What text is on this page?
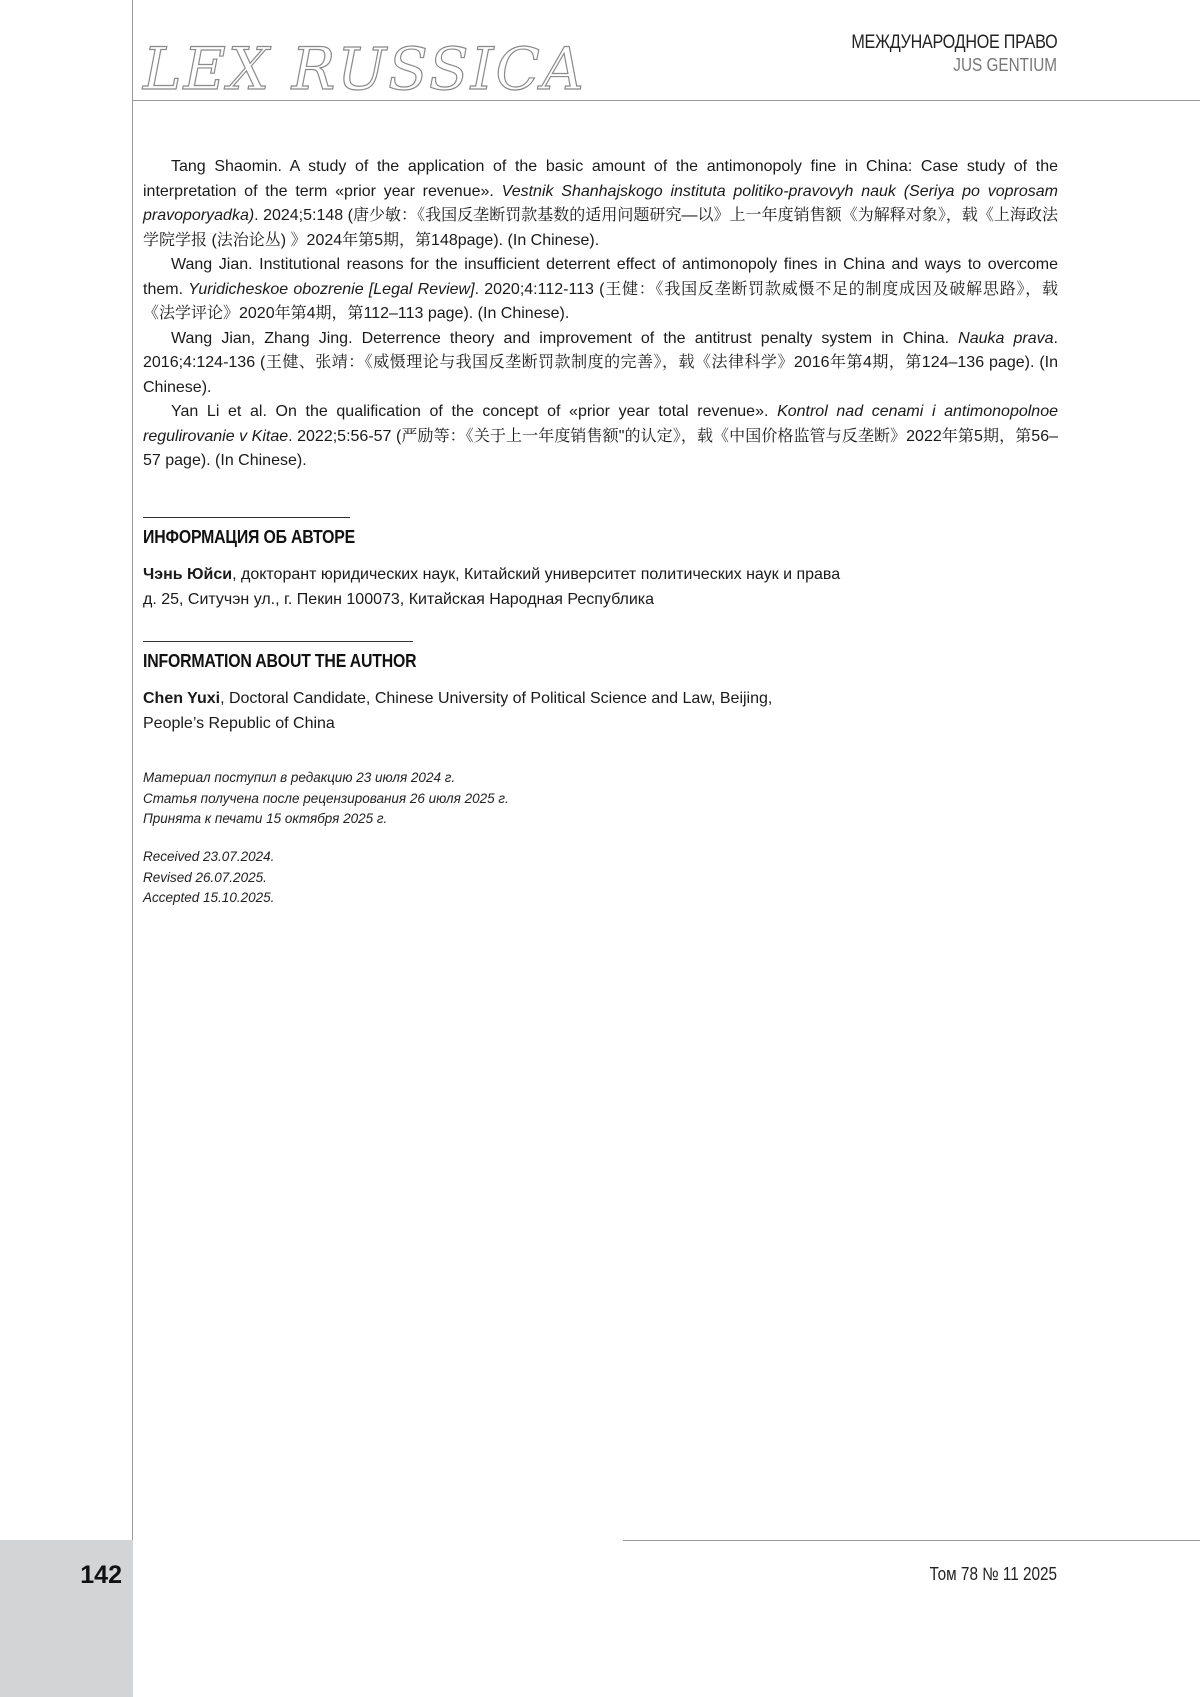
LEX RUSSICA	МЕЖДУНАРОДНОЕ ПРАВО
JUS GENTIUM

Tang Shaomin. A study of the application of the basic amount of the antimonopoly fine in China: Case study of the interpretation of the term «prior year revenue». Vestnik Shanhajskogo instituta politiko-pravovyh nauk (Seriya po voprosam pravoporyadka). 2024;5:148 (唐少敏：《我国反垄断罚款基数的适用问题研究—以》上一年度销售额《为解释对象》，载《上海政法学院学报 (法治论丛) 》2024年第5期，第148page). (In Chinese).

Wang Jian. Institutional reasons for the insufficient deterrent effect of antimonopoly fines in China and ways to overcome them. Yuridicheskoe obozrenie [Legal Review]. 2020;4:112-113 (王健：《我国反垄断罚款威慑不足的制度成因及破解思路》，载《法学评论》2020年第4期，第112–113 page). (In Chinese).

Wang Jian, Zhang Jing. Deterrence theory and improvement of the antitrust penalty system in China. Nauka prava. 2016;4:124-136 (王健、张靖：《威慑理论与我国反垄断罚款制度的完善》，载《法律科学》2016年第4期，第124–136 page). (In Chinese).

Yan Li et al. On the qualification of the concept of «prior year total revenue». Kontrol nad cenami i antimonopolnoe regulirovanie v Kitae. 2022;5:56-57 (严励等：《关于上一年度销售额"的认定》，载《中国价格监管与反垄断》2022年第5期，第56–57 page). (In Chinese).

ИНФОРМАЦИЯ ОБ АВТОРЕ
Чэнь Юйси, докторант юридических наук, Китайский университет политических наук и права
д. 25, Ситучэн ул., г. Пекин 100073, Китайская Народная Республика
INFORMATION ABOUT THE AUTHOR
Chen Yuxi, Doctoral Candidate, Chinese University of Political Science and Law, Beijing,
People’s Republic of China
Материал поступил в редакцию 23 июля 2024 г.
Статья получена после рецензирования 26 июля 2025 г.
Принята к печати 15 октября 2025 г.
Received 23.07.2024.
Revised 26.07.2025.
Accepted 15.10.2025.
142	Том 78 № 11 2025
